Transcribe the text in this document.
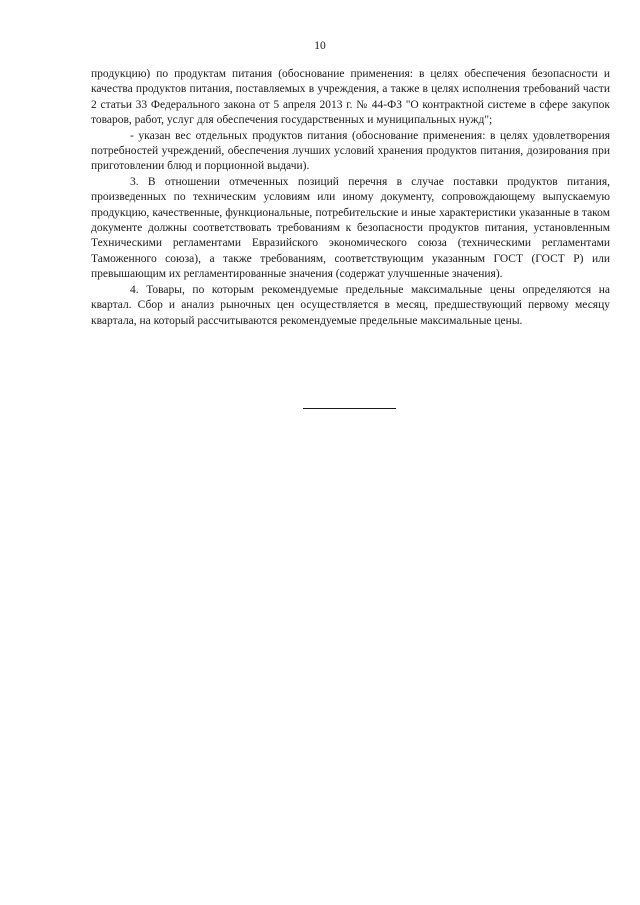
10

продукцию) по продуктам питания (обоснование применения: в целях обеспечения безопасности и качества продуктов питания, поставляемых в учреждения, а также в целях исполнения требований части 2 статьи 33 Федерального закона от 5 апреля 2013 г. № 44-ФЗ "О контрактной системе в сфере закупок товаров, работ, услуг для обеспечения государственных и муниципальных нужд";

- указан вес отдельных продуктов питания (обоснование применения: в целях удовлетворения потребностей учреждений, обеспечения лучших условий хранения продуктов питания, дозирования при приготовлении блюд и порционной выдачи).

3. В отношении отмеченных позиций перечня в случае поставки продуктов питания, произведенных по техническим условиям или иному документу, сопровождающему выпускаемую продукцию, качественные, функциональные, потребительские и иные характеристики указанные в таком документе должны соответствовать требованиям к безопасности продуктов питания, установленным Техническими регламентами Евразийского экономического союза (техническими регламентами Таможенного союза), а также требованиям, соответствующим указанным ГОСТ (ГОСТ Р) или превышающим их регламентированные значения (содержат улучшенные значения).

4. Товары, по которым рекомендуемые предельные максимальные цены определяются на квартал. Сбор и анализ рыночных цен осуществляется в месяц, предшествующий первому месяцу квартала, на который рассчитываются рекомендуемые предельные максимальные цены.
